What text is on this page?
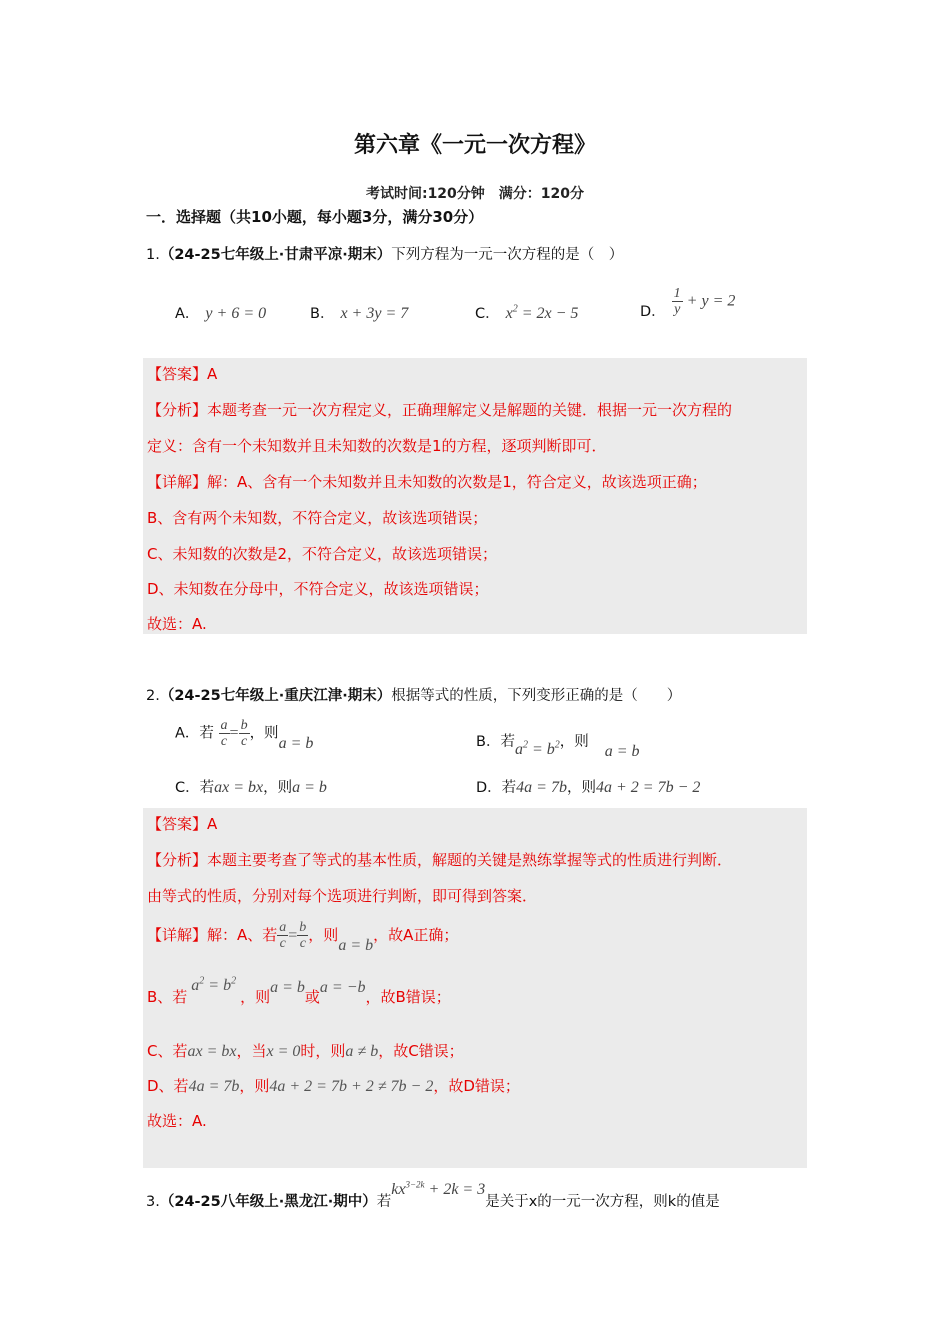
第六章《一元一次方程》
考试时间:120分钟　满分：120分
一．选择题（共10小题，每小题3分，满分30分）
1.（24-25七年级上·甘肃平凉·期末）下列方程为一元一次方程的是（　）
A． y + 6 = 0	B． x + 3y = 7	C． $x^2 = 2x - 5$	D． $\frac{1}{y} + y = 2$
【答案】A
【分析】本题考查一元一次方程定义，正确理解定义是解题的关键．根据一元一次方程的
定义：含有一个未知数并且未知数的次数是1的方程，逐项判断即可．
【详解】解：A、含有一个未知数并且未知数的次数是1，符合定义，故该选项正确；
B、含有两个未知数，不符合定义，故该选项错误；
C、未知数的次数是2，不符合定义，故该选项错误；
D、未知数在分母中，不符合定义，故该选项错误；
故选：A.
2.（24-25七年级上·重庆江津·期末）根据等式的性质，下列变形正确的是（　　）
A．若 $\frac{a}{c} = \frac{b}{c}$ ，则a = b	B．若$a^2 = b^2$，则a = b
C．若ax = bx，则a = b	D．若4a = 7b，则4a + 2 = 7b − 2
【答案】A
【分析】本题主要考查了等式的基本性质，解题的关键是熟练掌握等式的性质进行判断．
由等式的性质，分别对每个选项进行判断，即可得到答案．
【详解】解：A、若 $\frac{a}{c} = \frac{b}{c}$ ，则a = b，故A正确；
B、若$a^2 = b^2$，则a = b或a = −b，故B错误；
C、若ax = bx，当x = 0时，则a ≠ b，故C错误；
D、若4a = 7b，则4a + 2 = 7b + 2 ≠ 7b − 2，故D错误；
故选：A.
3.（24-25八年级上·黑龙江·期中）若$kx^{3-2k} + 2k = 3$是关于x的一元一次方程，则k的值是
